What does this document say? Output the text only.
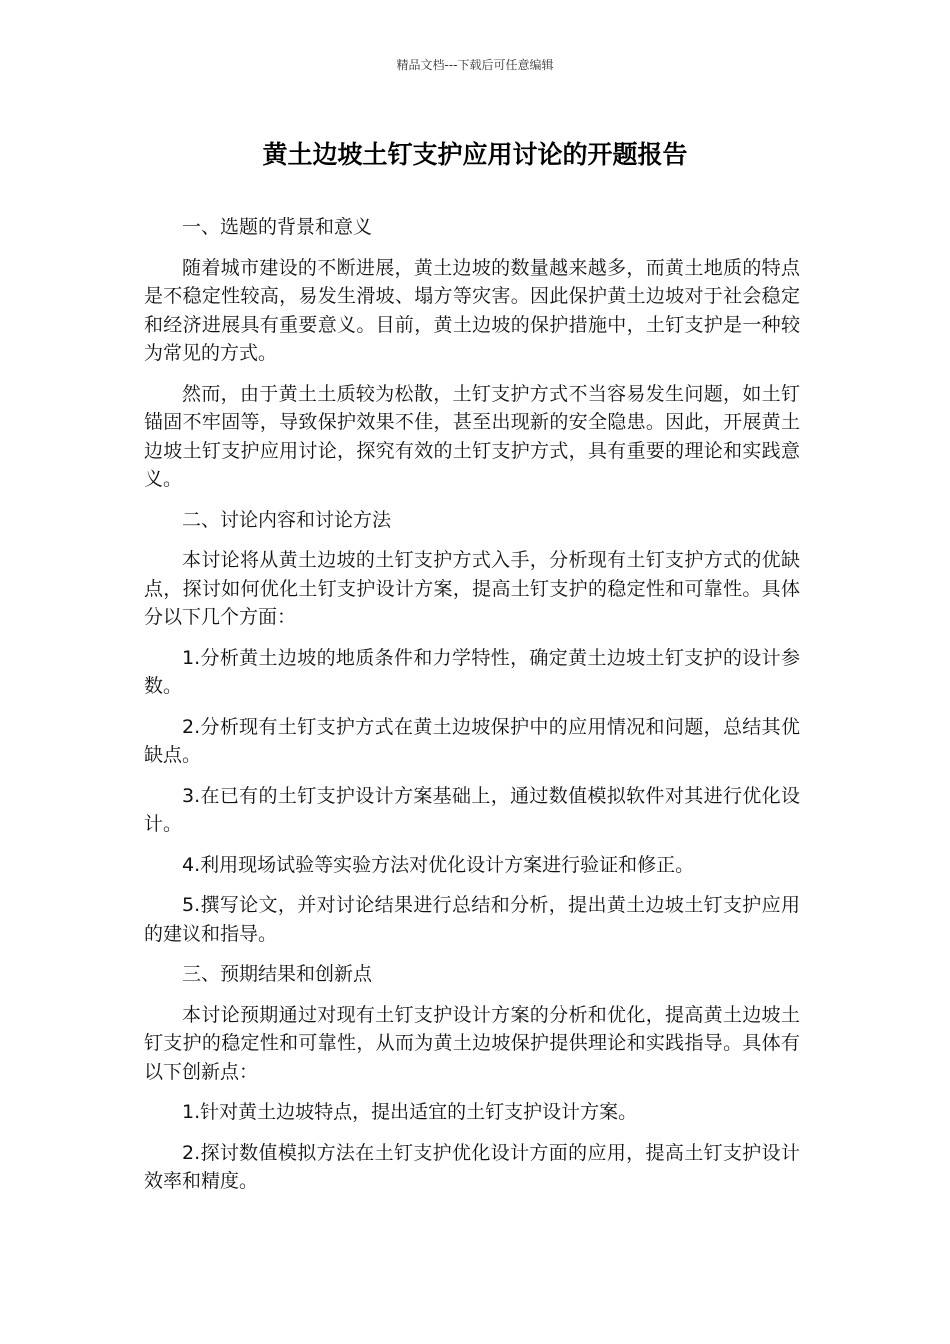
精品文档---下载后可任意编辑
黄土边坡土钉支护应用讨论的开题报告

一、选题的背景和意义

随着城市建设的不断进展，黄土边坡的数量越来越多，而黄土地质的特点是不稳定性较高，易发生滑坡、塌方等灾害。因此保护黄土边坡对于社会稳定和经济进展具有重要意义。目前，黄土边坡的保护措施中，土钉支护是一种较为常见的方式。

然而，由于黄土土质较为松散，土钉支护方式不当容易发生问题，如土钉锚固不牢固等，导致保护效果不佳，甚至出现新的安全隐患。因此，开展黄土边坡土钉支护应用讨论，探究有效的土钉支护方式，具有重要的理论和实践意义。

二、讨论内容和讨论方法

本讨论将从黄土边坡的土钉支护方式入手，分析现有土钉支护方式的优缺点，探讨如何优化土钉支护设计方案，提高土钉支护的稳定性和可靠性。具体分以下几个方面：

1.分析黄土边坡的地质条件和力学特性，确定黄土边坡土钉支护的设计参数。

2.分析现有土钉支护方式在黄土边坡保护中的应用情况和问题，总结其优缺点。

3.在已有的土钉支护设计方案基础上，通过数值模拟软件对其进行优化设计。

4.利用现场试验等实验方法对优化设计方案进行验证和修正。

5.撰写论文，并对讨论结果进行总结和分析，提出黄土边坡土钉支护应用的建议和指导。

三、预期结果和创新点

本讨论预期通过对现有土钉支护设计方案的分析和优化，提高黄土边坡土钉支护的稳定性和可靠性，从而为黄土边坡保护提供理论和实践指导。具体有以下创新点：

1.针对黄土边坡特点，提出适宜的土钉支护设计方案。

2.探讨数值模拟方法在土钉支护优化设计方面的应用，提高土钉支护设计效率和精度。
